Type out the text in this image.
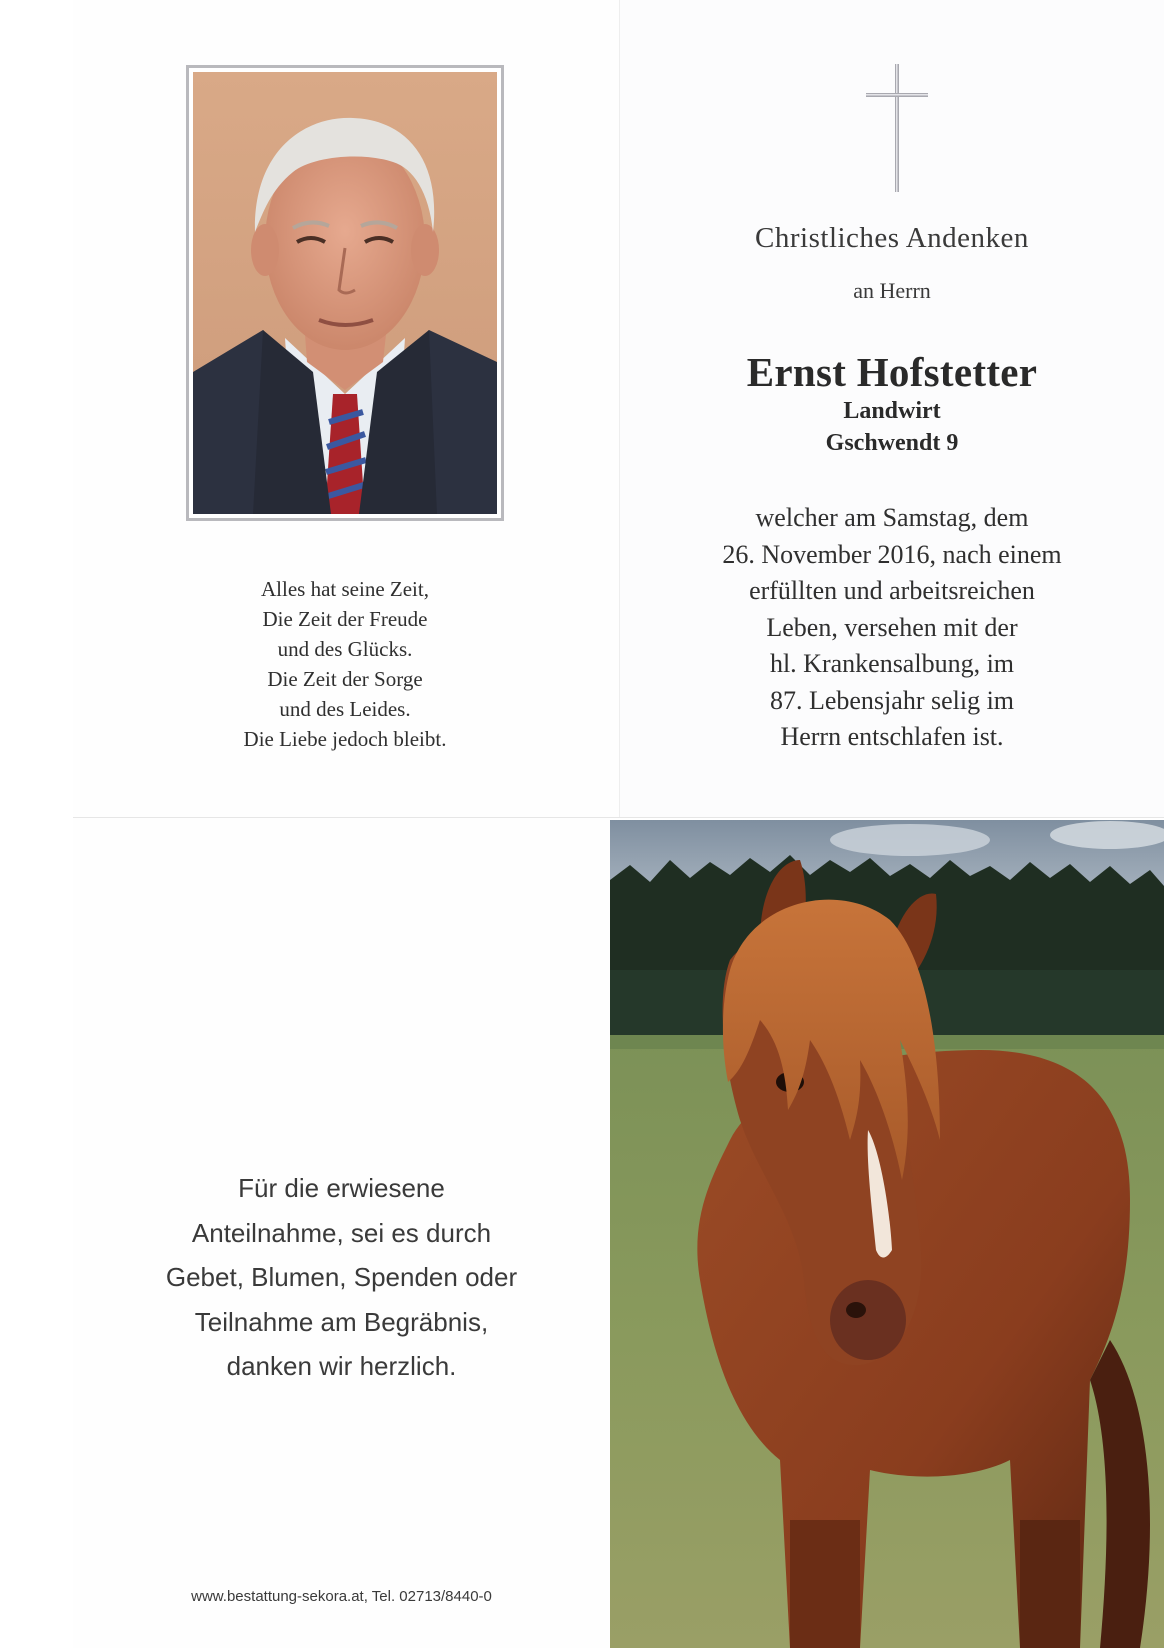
Alles hat seine Zeit,
Die Zeit der Freude
und des Glücks.
Die Zeit der Sorge
und des Leides.
Die Liebe jedoch bleibt.
Christliches Andenken
an Herrn
Ernst Hofstetter
Landwirt
Gschwendt 9
welcher am Samstag, dem
26. November 2016, nach einem
erfüllten und arbeitsreichen
Leben, versehen mit der
hl. Krankensalbung, im
87. Lebensjahr selig im
Herrn entschlafen ist.
Für die erwiesene
Anteilnahme, sei es durch
Gebet, Blumen, Spenden oder
Teilnahme am Begräbnis,
danken wir herzlich.
www.bestattung-sekora.at, Tel. 02713/8440-0
